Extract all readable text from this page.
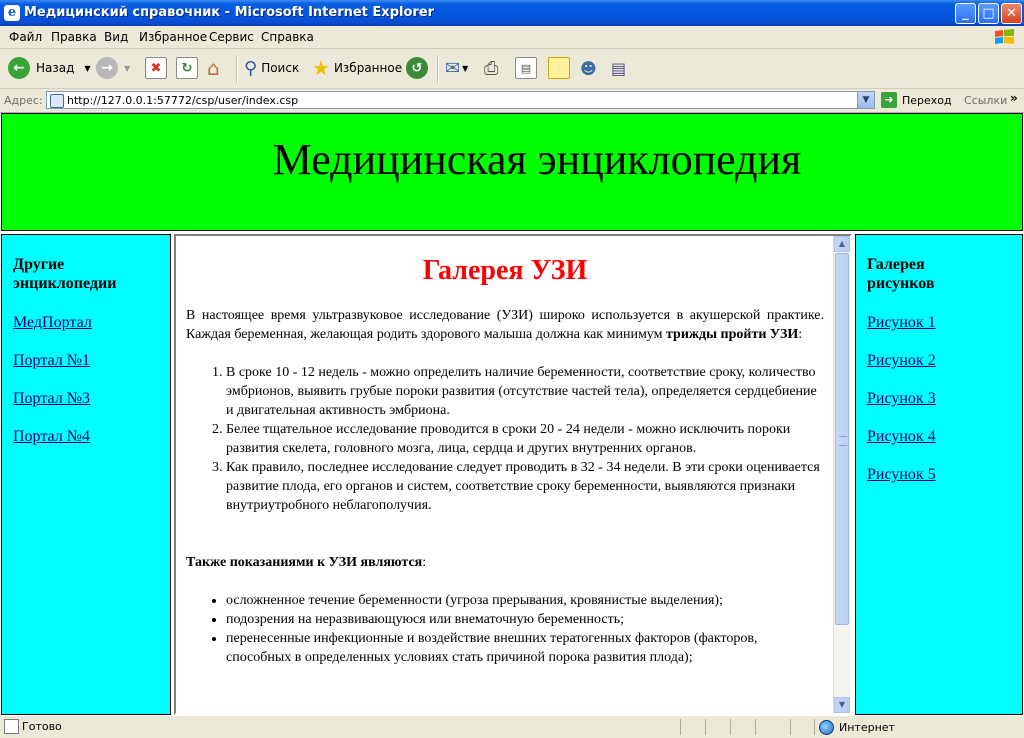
e Медицинский справочник - Microsoft Internet Explorer	_	□ ✕
Файл Правка Вид Избранное Сервис Справка
← Назад ▼ →	▼	✖	↻ ⌂ ⚲ Поиск ★ Избранное ↺	✉ ▼ ⎙	▤	☻ ▤
Адрес: http://127.0.0.1:57772/csp/user/index.csp	▼	➜ Переход Ссылки »
Медицинская энциклопедия
Другие энциклопедии
МедПортал
Портал №1
Портал №3
Портал №4
Галерея УЗИ

В настоящее время ультразвуковое исследование (УЗИ) широко используется в акушерской практике. Каждая беременная, желающая родить здорового малыша должна как минимум трижды пройти УЗИ:

1. В сроке 10 - 12 недель - можно определить наличие беременности, соответствие сроку, количество эмбрионов, выявить грубые пороки развития (отсутствие частей тела), определяется сердцебиение и двигательная активность эмбриона.
2. Белее тщательное исследование проводится в сроки 20 - 24 недели - можно исключить пороки развития скелета, головного мозга, лица, сердца и других внутренних органов.
3. Как правило, последнее исследование следует проводить в 32 - 34 недели. В эти сроки оценивается развитие плода, его органов и систем, соответствие сроку беременности, выявляются признаки внутриутробного неблагополучия.

Также показаниями к УЗИ являются:

• осложненное течение беременности (угроза прерывания, кровянистые выделения);
• подозрения на неразвивающуюся или внематочную беременность;
• перенесенные инфекционные и воздействие внешних тератогенных факторов (факторов, способных в определенных условиях стать причиной порока развития плода);
▲
▼
Галерея рисунков
Рисунок 1
Рисунок 2
Рисунок 3
Рисунок 4
Рисунок 5
Готово	Интернет
